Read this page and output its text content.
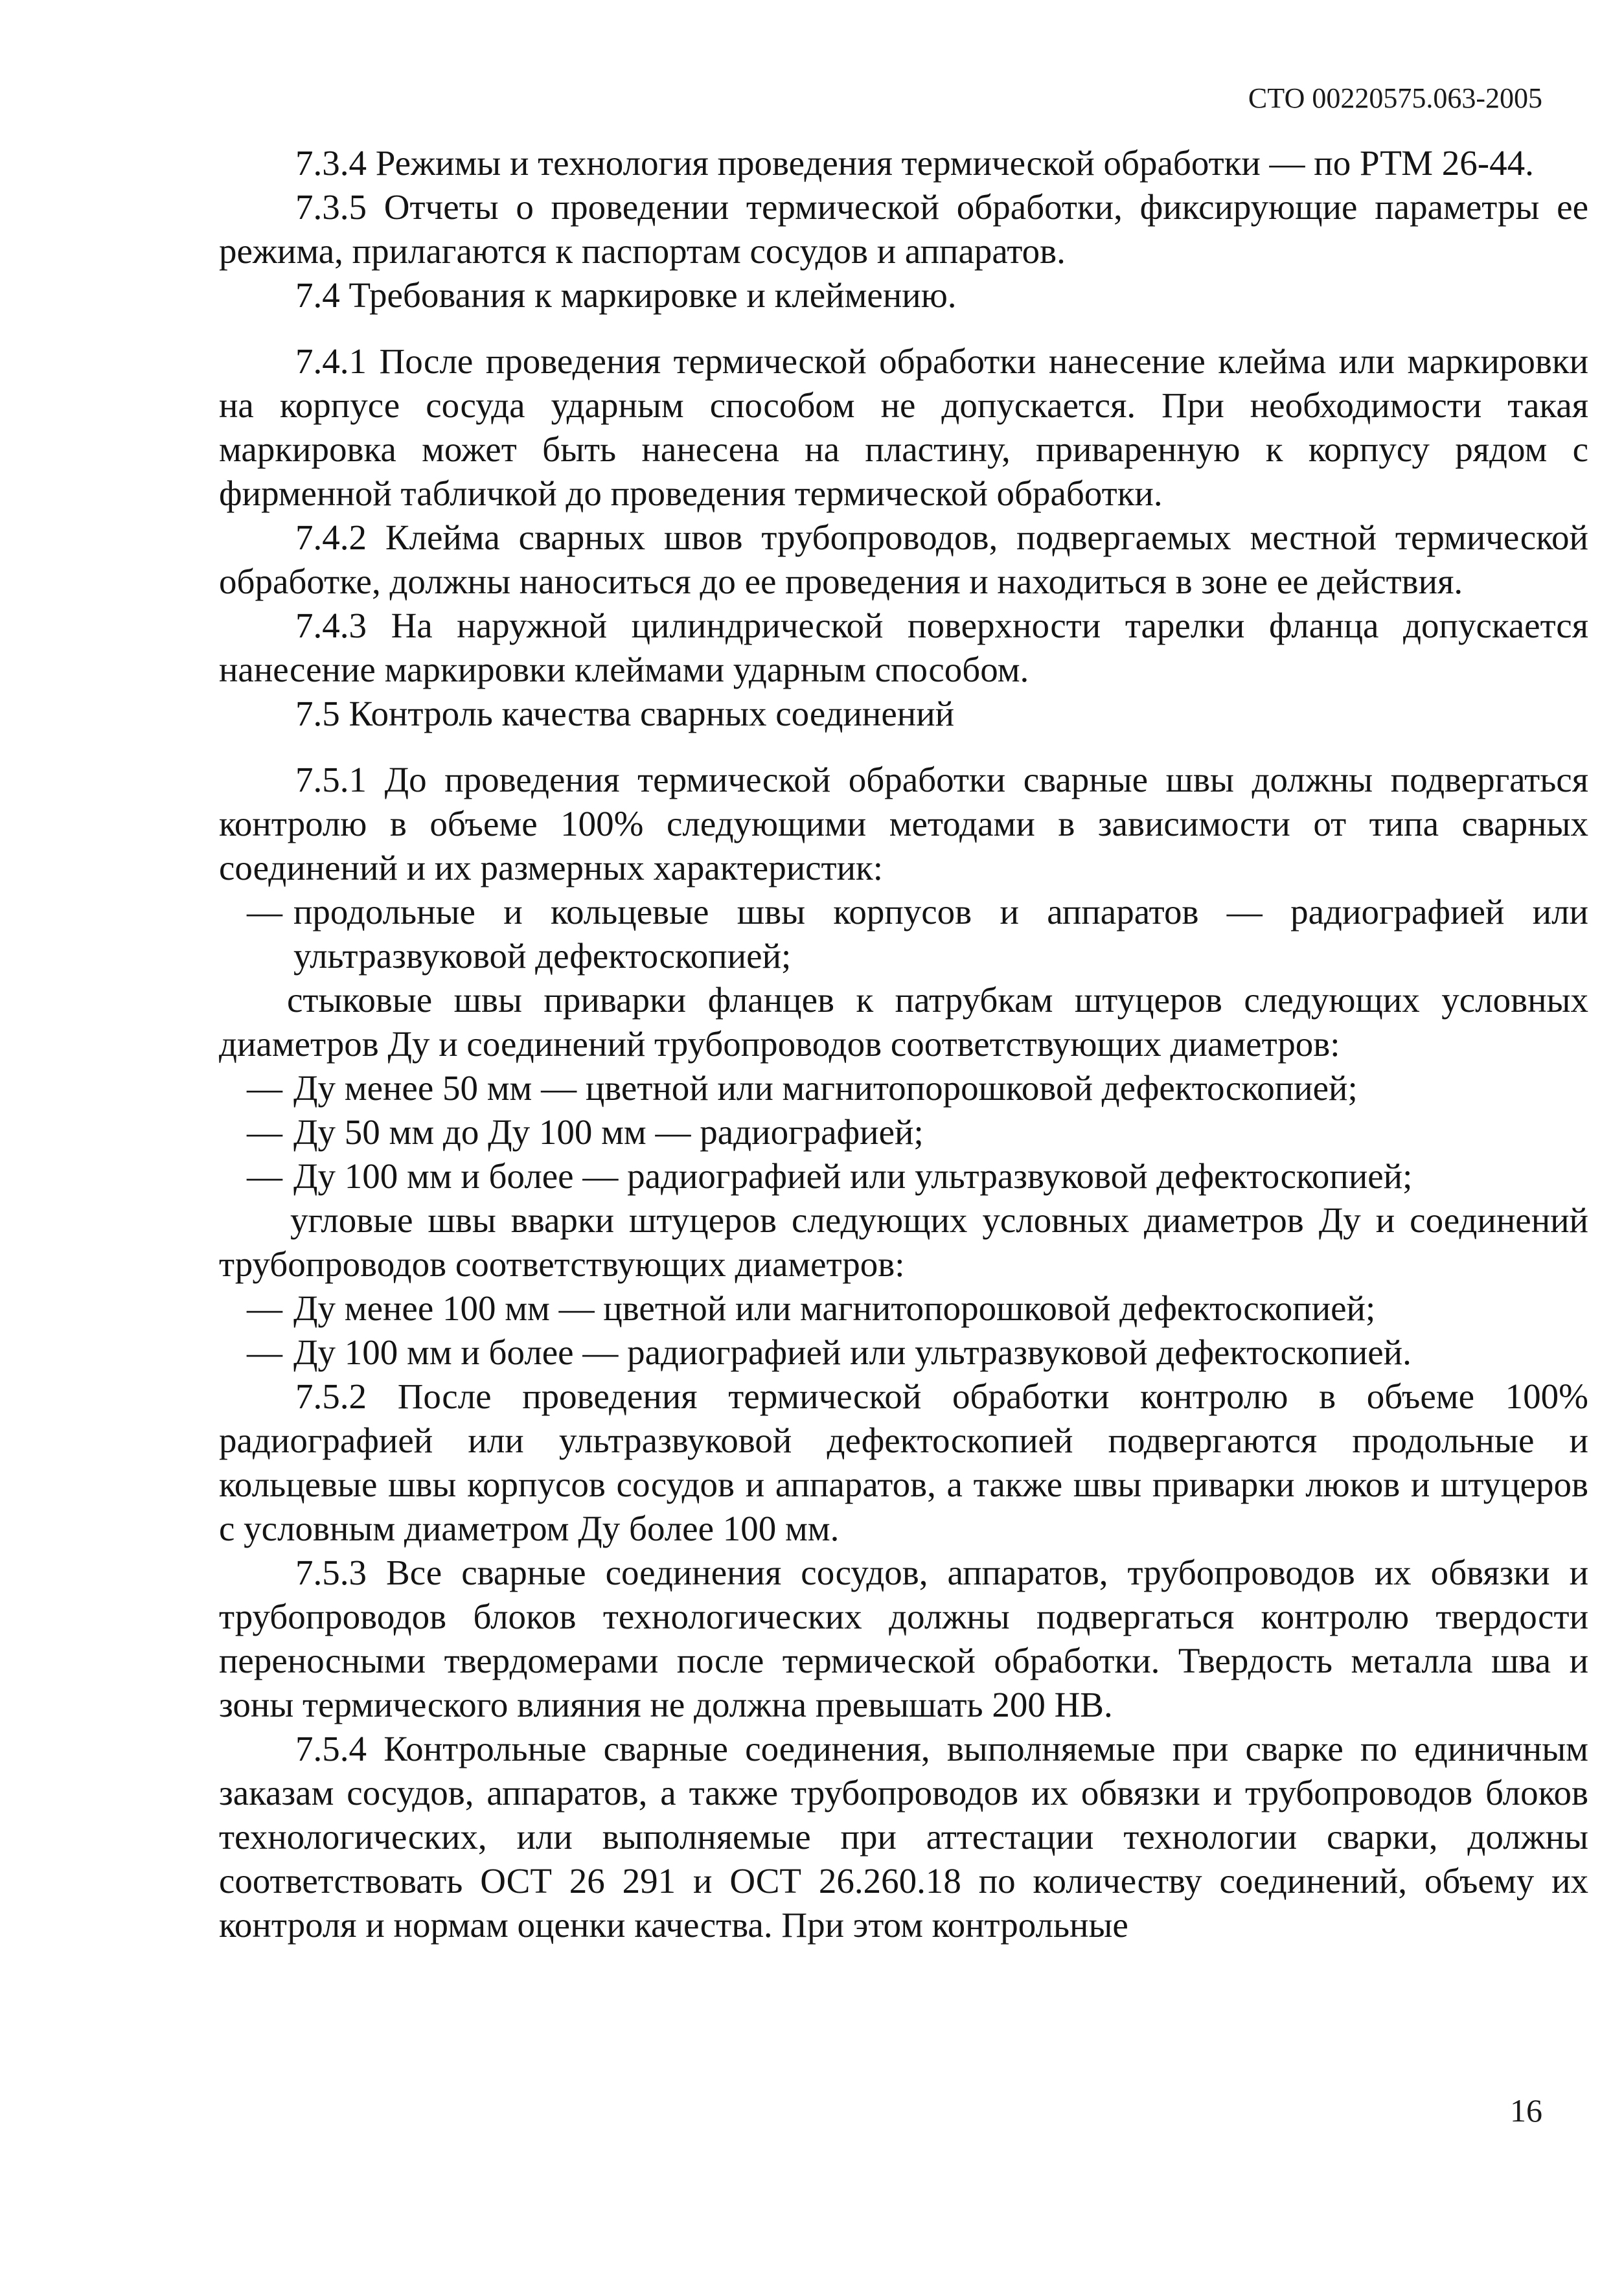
СТО 00220575.063-2005

7.3.4 Режимы и технология проведения термической обработки — по РТМ 26-44.

7.3.5 Отчеты о проведении термической обработки, фиксирующие параметры ее режима, прилагаются к паспортам сосудов и аппаратов.

7.4 Требования к маркировке и клеймению.

7.4.1 После проведения термической обработки нанесение клейма или маркировки на корпусе сосуда ударным способом не допускается. При необходимости такая маркировка может быть нанесена на пластину, приваренную к корпусу рядом с фирменной табличкой до проведения термической обработки.

7.4.2 Клейма сварных швов трубопроводов, подвергаемых местной термической обработке, должны наноситься до ее проведения и находиться в зоне ее действия.

7.4.3 На наружной цилиндрической поверхности тарелки фланца допускается нанесение маркировки клеймами ударным способом.

7.5 Контроль качества сварных соединений

7.5.1 До проведения термической обработки сварные швы должны подвергаться контролю в объеме 100% следующими методами в зависимости от типа сварных соединений и их размерных характеристик:

— продольные и кольцевые швы корпусов и аппаратов — радиографией или ультразвуковой дефектоскопией;

стыковые швы приварки фланцев к патрубкам штуцеров следующих условных диаметров Ду и соединений трубопроводов соответствующих диаметров:

— Ду менее 50 мм — цветной или магнитопорошковой дефектоскопией;

— Ду 50 мм до Ду 100 мм — радиографией;

— Ду 100 мм и более — радиографией или ультразвуковой дефектоскопией;

угловые швы вварки штуцеров следующих условных диаметров Ду и соединений трубопроводов соответствующих диаметров:

— Ду менее 100 мм — цветной или магнитопорошковой дефектоскопией;

— Ду 100 мм и более — радиографией или ультразвуковой дефектоскопией.

7.5.2 После проведения термической обработки контролю в объеме 100% радиографией или ультразвуковой дефектоскопией подвергаются продольные и кольцевые швы корпусов сосудов и аппаратов, а также швы приварки люков и штуцеров с условным диаметром Ду более 100 мм.

7.5.3 Все сварные соединения сосудов, аппаратов, трубопроводов их обвязки и трубопроводов блоков технологических должны подвергаться контролю твердости переносными твердомерами после термической обработки. Твердость металла шва и зоны термического влияния не должна превышать 200 НВ.

7.5.4 Контрольные сварные соединения, выполняемые при сварке по единичным заказам сосудов, аппаратов, а также трубопроводов их обвязки и трубопроводов блоков технологических, или выполняемые при аттестации технологии сварки, должны соответствовать ОСТ 26 291 и ОСТ 26.260.18 по количеству соединений, объему их контроля и нормам оценки качества. При этом контрольные

16
